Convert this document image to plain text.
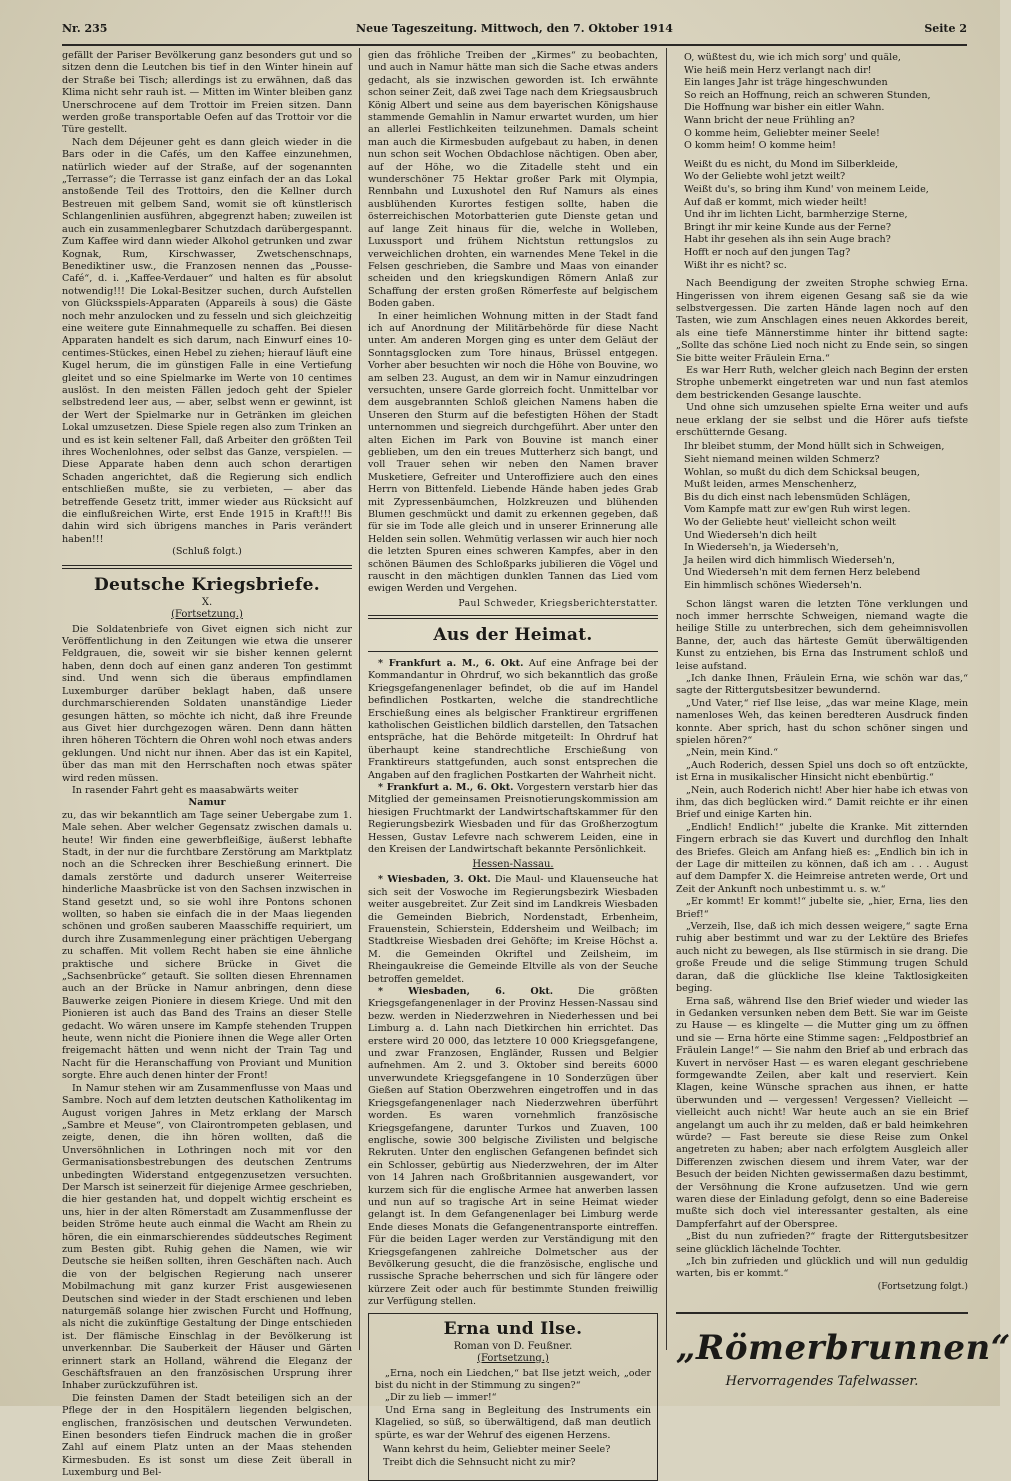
Nr. 235	Neue Tageszeitung. Mittwoch, den 7. Oktober 1914	Seite 2

gefällt der Pariser Bevölkerung ganz besonders gut und so sitzen denn die Leutchen bis tief in den Winter hinein auf der Straße bei Tisch; allerdings ist zu erwähnen, daß das Klima nicht sehr rauh ist. — Mitten im Winter bleiben ganz Unerschrocene auf dem Trottoir im Freien sitzen. Dann werden große transportable Oefen auf das Trottoir vor die Türe gestellt.

Nach dem Déjeuner geht es dann gleich wieder in die Bars oder in die Cafés, um den Kaffee einzunehmen, natürlich wieder auf der Straße, auf der sogenannten „Terrasse“; die Terrasse ist ganz einfach der an das Lokal anstoßende Teil des Trottoirs, den die Kellner durch Bestreuen mit gelbem Sand, womit sie oft künstlerisch Schlangenlinien ausführen, abgegrenzt haben; zuweilen ist auch ein zusammenlegbarer Schutzdach darübergespannt. Zum Kaffee wird dann wieder Alkohol getrunken und zwar Kognak, Rum, Kirschwasser, Zwetschenschnaps, Benediktiner usw., die Franzosen nennen das „Pousse-Café“, d. i. „Kaffee-Verdauer“ und halten es für absolut notwendig!!! Die Lokal-Besitzer suchen, durch Aufstellen von Glücksspiels-Apparaten (Appareils à sous) die Gäste noch mehr anzulocken und zu fesseln und sich gleichzeitig eine weitere gute Einnahmequelle zu schaffen. Bei diesen Apparaten handelt es sich darum, nach Einwurf eines 10-centimes-Stückes, einen Hebel zu ziehen; hierauf läuft eine Kugel herum, die im günstigen Falle in eine Vertiefung gleitet und so eine Spielmarke im Werte von 10 centimes auslöst. In den meisten Fällen jedoch geht der Spieler selbstredend leer aus, — aber, selbst wenn er gewinnt, ist der Wert der Spielmarke nur in Getränken im gleichen Lokal umzusetzen. Diese Spiele regen also zum Trinken an und es ist kein seltener Fall, daß Arbeiter den größten Teil ihres Wochenlohnes, oder selbst das Ganze, verspielen. — Diese Apparate haben denn auch schon derartigen Schaden angerichtet, daß die Regierung sich endlich entschließen mußte, sie zu verbieten, — aber das betreffende Gesetz tritt, immer wieder aus Rücksicht auf die einflußreichen Wirte, erst Ende 1915 in Kraft!!! Bis dahin wird sich übrigens manches in Paris verändert haben!!!

(Schluß folgt.)

Deutsche Kriegsbriefe.
X.
(Fortsetzung.)

Die Soldatenbriefe von Givet eignen sich nicht zur Veröffentlichung in den Zeitungen wie etwa die unserer Feldgrauen, die, soweit wir sie bisher kennen gelernt haben, denn doch auf einen ganz anderen Ton gestimmt sind. Und wenn sich die überaus empfindlamen Luxemburger darüber beklagt haben, daß unsere durchmarschierenden Soldaten unanständige Lieder gesungen hätten, so möchte ich nicht, daß ihre Freunde aus Givet hier durchgezogen wären. Denn dann hätten ihren höheren Töchtern die Ohren wohl noch etwas anders geklungen. Und nicht nur ihnen. Aber das ist ein Kapitel, über das man mit den Herrschaften noch etwas später wird reden müssen.

In rasender Fahrt geht es maasabwärts weiter

Namur

zu, das wir bekanntlich am Tage seiner Uebergabe zum 1. Male sehen. Aber welcher Gegensatz zwischen damals u. heute! Wir finden eine gewerbfleißige, äußerst lebhafte Stadt, in der nur die furchtbare Zerstörung am Marktplatz noch an die Schrecken ihrer Beschießung erinnert. Die damals zerstörte und dadurch unserer Weiterreise hinderliche Maasbrücke ist von den Sachsen inzwischen in Stand gesetzt und, so sie wohl ihre Pontons schonen wollten, so haben sie einfach die in der Maas liegenden schönen und großen sauberen Maasschiffe requiriert, um durch ihre Zusammenlegung einer prächtigen Uebergang zu schaffen. Mit vollem Recht haben sie eine ähnliche praktische und sichere Brücke in Givet die „Sachsenbrücke“ getauft. Sie sollten diesen Ehrennamen auch an der Brücke in Namur anbringen, denn diese Bauwerke zeigen Pioniere in diesem Kriege. Und mit den Pionieren ist auch das Band des Trains an dieser Stelle gedacht. Wo wären unsere im Kampfe stehenden Truppen heute, wenn nicht die Pioniere ihnen die Wege aller Orten freigemacht hätten und wenn nicht der Train Tag und Nacht für die Heranschaffung von Proviant und Munition sorgte. Ehre auch denen hinter der Front!

In Namur stehen wir am Zusammenflusse von Maas und Sambre. Noch auf dem letzten deutschen Katholikentag im August vorigen Jahres in Metz erklang der Marsch „Sambre et Meuse“, von Clairontrompeten geblasen, und zeigte, denen, die ihn hören wollten, daß die Unversöhnlichen in Lothringen noch mit vor den Germanisationsbestrebungen des deutschen Zentrums unbedingten Widerstand entgegenzusetzen versuchten. Der Marsch ist seinerzeit für diejenige Armee geschrieben, die hier gestanden hat, und doppelt wichtig erscheint es uns, hier in der alten Römerstadt am Zusammenflusse der beiden Ströme heute auch einmal die Wacht am Rhein zu hören, die ein einmarschierendes süddeutsches Regiment zum Besten gibt. Ruhig gehen die Namen, wie wir Deutsche sie heißen sollten, ihren Geschäften nach. Auch die von der belgischen Regierung nach unserer Mobilmachung mit ganz kurzer Frist ausgewiesenen Deutschen sind wieder in der Stadt erschienen und leben naturgemäß solange hier zwischen Furcht und Hoffnung, als nicht die zukünftige Gestaltung der Dinge entschieden ist. Der flämische Einschlag in der Bevölkerung ist unverkennbar. Die Sauberkeit der Häuser und Gärten erinnert stark an Holland, während die Eleganz der Geschäftsfrauen an den französischen Ursprung ihrer Inhaber zurückzuführen ist.

Die feinsten Damen der Stadt beteiligen sich an der Pflege der in den Hospitälern liegenden belgischen, englischen, französischen und deutschen Verwundeten. Einen besonders tiefen Eindruck machen die in großer Zahl auf einem Platz unten an der Maas stehenden Kirmesbuden. Es ist sonst um diese Zeit überall in Luxemburg und Bel-

gien das fröhliche Treiben der „Kirmes“ zu beobachten, und auch in Namur hätte man sich die Sache etwas anders gedacht, als sie inzwischen geworden ist. Ich erwähnte schon seiner Zeit, daß zwei Tage nach dem Kriegsausbruch König Albert und seine aus dem bayerischen Königshause stammende Gemahlin in Namur erwartet wurden, um hier an allerlei Festlichkeiten teilzunehmen. Damals scheint man auch die Kirmesbuden aufgebaut zu haben, in denen nun schon seit Wochen Obdachlose nächtigen. Oben aber, auf der Höhe, wo die Zitadelle steht und ein wunderschöner 75 Hektar großer Park mit Olympia, Rennbahn und Luxushotel den Ruf Namurs als eines ausblühenden Kurortes festigen sollte, haben die österreichischen Motorbatterien gute Dienste getan und auf lange Zeit hinaus für die, welche in Wolleben, Luxussport und frühem Nichtstun rettungslos zu verweichlichen drohten, ein warnendes Mene Tekel in die Felsen geschrieben, die Sambre und Maas von einander scheiden und den kriegskundigen Römern Anlaß zur Schaffung der ersten großen Römerfeste auf belgischem Boden gaben.

In einer heimlichen Wohnung mitten in der Stadt fand ich auf Anordnung der Militärbehörde für diese Nacht unter. Am anderen Morgen ging es unter dem Geläut der Sonntagsglocken zum Tore hinaus, Brüssel entgegen. Vorher aber besuchten wir noch die Höhe von Bouvine, wo am selben 23. August, an dem wir in Namur einzudringen versuchten, unsere Garde glorreich focht. Unmittelbar vor dem ausgebrannten Schloß gleichen Namens haben die Unseren den Sturm auf die befestigten Höhen der Stadt unternommen und siegreich durchgeführt. Aber unter den alten Eichen im Park von Bouvine ist manch einer geblieben, um den ein treues Mutterherz sich bangt, und voll Trauer sehen wir neben den Namen braver Musketiere, Gefreiter und Unteroffiziere auch den eines Herrn von Bittenfeld. Liebende Hände haben jedes Grab mit Zypressenbäumchen, Holzkreuzen und blühenden Blumen geschmückt und damit zu erkennen gegeben, daß für sie im Tode alle gleich und in unserer Erinnerung alle Helden sein sollen. Wehmütig verlassen wir auch hier noch die letzten Spuren eines schweren Kampfes, aber in den schönen Bäumen des Schloßparks jubilieren die Vögel und rauscht in den mächtigen dunklen Tannen das Lied vom ewigen Werden und Vergehen.

Paul Schweder, Kriegsberichterstatter.
Aus der Heimat.

* Frankfurt a. M., 6. Okt. Auf eine Anfrage bei der Kommandantur in Ohrdruf, wo sich bekanntlich das große Kriegsgefangenenlager befindet, ob die auf im Handel befindlichen Postkarten, welche die standrechtliche Erschießung eines als belgischer Franktireur ergriffenen katholischen Geistlichen bildlich darstellen, den Tatsachen entspräche, hat die Behörde mitgeteilt: In Ohrdruf hat überhaupt keine standrechtliche Erschießung von Franktireurs stattgefunden, auch sonst entsprechen die Angaben auf den fraglichen Postkarten der Wahrheit nicht.

* Frankfurt a. M., 6. Okt. Vorgestern verstarb hier das Mitglied der gemeinsamen Preisnotierungskommission am hiesigen Fruchtmarkt der Landwirtschaftskammer für den Regierungsbezirk Wiesbaden und für das Großherzogtum Hessen, Gustav Lefevre nach schwerem Leiden, eine in den Kreisen der Landwirtschaft bekannte Persönlichkeit.

Hessen-Nassau.

* Wiesbaden, 3. Okt. Die Maul- und Klauenseuche hat sich seit der Voswoche im Regierungsbezirk Wiesbaden weiter ausgebreitet. Zur Zeit sind im Landkreis Wiesbaden die Gemeinden Biebrich, Nordenstadt, Erbenheim, Frauenstein, Schierstein, Eddersheim und Weilbach; im Stadtkreise Wiesbaden drei Gehöfte; im Kreise Höchst a. M. die Gemeinden Okriftel und Zeilsheim, im Rheingaukreise die Gemeinde Eltville als von der Seuche betroffen gemeldet.

* Wiesbaden, 6. Okt.	Die größten Kriegsgefangenenlager in der Provinz Hessen-Nassau sind bezw. werden in Niederzwehren in Niederhessen und bei Limburg a. d. Lahn nach Dietkirchen hin errichtet. Das erstere wird 20 000, das letztere 10 000 Kriegsgefangene, und zwar Franzosen, Engländer, Russen und Belgier aufnehmen. Am 2. und 3. Oktober sind bereits 6000 unverwundete Kriegsgefangene in 10 Sonderzügen über Gießen auf Station Oberzwehren eingetroffen und in das Kriegsgefangenenlager nach Niederzwehren überführt worden. Es waren vornehmlich französische Kriegsgefangene, darunter Turkos und Zuaven, 100 englische, sowie 300 belgische Zivilisten und belgische Rekruten. Unter den englischen Gefangenen befindet sich ein Schlosser, gebürtig aus Niederzwehren, der im Alter von 14 Jahren nach Großbritannien ausgewandert, vor kurzem sich für die englische Armee hat anwerben lassen und nun auf so tragische Art in seine Heimat wieder gelangt ist. In dem Gefangenenlager bei Limburg werde Ende dieses Monats die Gefangenentransporte eintreffen. Für die beiden Lager werden zur Verständigung mit den Kriegsgefangenen zahlreiche Dolmetscher aus der Bevölkerung gesucht, die die französische, englische und russische Sprache beherrschen und sich für längere oder kürzere Zeit oder auch für bestimmte Stunden freiwillig zur Verfügung stellen.

Erna und Ilse.
Roman von D. Feußner.
(Fortsetzung.)

„Erna, noch ein Liedchen,“ bat Ilse jetzt weich, „oder bist du nicht in der Stimmung zu singen?“

„Dir zu lieb — immer!“

Und Erna sang in Begleitung des Instruments ein Klagelied, so süß, so überwältigend, daß man deutlich spürte, es war der Wehruf des eigenen Herzens.

Wann kehrst du heim, Geliebter meiner Seele?

Treibt dich die Sehnsucht nicht zu mir?

O, wüßtest du, wie ich mich sorg' und quäle,

Wie heiß mein Herz verlangt nach dir!

Ein langes Jahr ist träge hingeschwunden

So reich an Hoffnung, reich an schweren Stunden,

Die Hoffnung war bisher ein eitler Wahn.

Wann bricht der neue Frühling an?

O komme heim, Geliebter meiner Seele!

O komm heim! O komme heim!

Weißt du es nicht, du Mond im Silberkleide,

Wo der Geliebte wohl jetzt weilt?

Weißt du's, so bring ihm Kund' von meinem Leide,

Auf daß er kommt, mich wieder heilt!

Und ihr im lichten Licht, barmherzige Sterne,

Bringt ihr mir keine Kunde aus der Ferne?

Habt ihr gesehen als ihn sein Auge brach?

Hofft er noch auf den jungen Tag?

Wißt ihr es nicht? sc.

Nach Beendigung der zweiten Strophe schwieg Erna. Hingerissen von ihrem eigenen Gesang saß sie da wie selbstvergessen. Die zarten Hände lagen noch auf den Tasten, wie zum Anschlagen eines neuen Akkordes bereit, als eine tiefe Männerstimme hinter ihr bittend sagte: „Sollte das schöne Lied noch nicht zu Ende sein, so singen Sie bitte weiter Fräulein Erna.“

Es war Herr Ruth, welcher gleich nach Beginn der ersten Strophe unbemerkt eingetreten war und nun fast atemlos dem bestrickenden Gesange lauschte.

Und ohne sich umzusehen spielte Erna weiter und aufs neue erklang der sie selbst und die Hörer aufs tiefste erschütternde Gesang.

Ihr bleibet stumm, der Mond hüllt sich in Schweigen,

Sieht niemand meinen wilden Schmerz?

Wohlan, so mußt du dich dem Schicksal beugen,

Mußt leiden, armes Menschenherz,

Bis du dich einst nach lebensmüden Schlägen,

Vom Kampfe matt zur ew'gen Ruh wirst legen.

Wo der Geliebte heut' vielleicht schon weilt

Und Wiederseh'n dich heilt

In Wiederseh'n, ja Wiederseh'n,

Ja heilen wird dich himmlisch Wiederseh'n,

Und Wiederseh'n mit dem fernen Herz belebend

Ein himmlisch schönes Wiederseh'n.

Schon längst waren die letzten Töne verklungen und noch immer herrschte Schweigen, niemand wagte die heilige Stille zu unterbrechen, sich dem geheimnisvollen Banne, der, auch das härteste Gemüt überwältigenden Kunst zu entziehen, bis Erna das Instrument schloß und leise aufstand.

„Ich danke Ihnen, Fräulein Erna, wie schön war das,“ sagte der Rittergutsbesitzer bewundernd.

„Und Vater,“ rief Ilse leise, „das war meine Klage, mein namenloses Weh, das keinen beredteren Ausdruck finden konnte. Aber sprich, hast du schon schöner singen und spielen hören?“

„Nein, mein Kind.“

„Auch Roderich, dessen Spiel uns doch so oft entzückte, ist Erna in musikalischer Hinsicht nicht ebenbürtig.“

„Nein, auch Roderich nicht! Aber hier habe ich etwas von ihm, das dich beglücken wird.“ Damit reichte er ihr einen Brief und einige Karten hin.

„Endlich! Endlich!“ jubelte die Kranke. Mit zitternden Fingern erbrach sie das Kuvert und durchflog den Inhalt des Briefes. Gleich am Anfang hieß es: „Endlich bin ich in der Lage dir mitteilen zu können, daß ich am . . . August auf dem Dampfer X. die Heimreise antreten werde, Ort und Zeit der Ankunft noch unbestimmt u. s. w.“

„Er kommt! Er kommt!“ jubelte sie, „hier, Erna, lies den Brief!“

„Verzeih, Ilse, daß ich mich dessen weigere,“ sagte Erna ruhig aber bestimmt und war zu der Lektüre des Briefes auch nicht zu bewegen, als Ilse stürmisch in sie drang. Die große Freude und die selige Stimmung trugen Schuld daran, daß die glückliche Ilse kleine Taktlosigkeiten beging.

Erna saß, während Ilse den Brief wieder und wieder las in Gedanken versunken neben dem Bett. Sie war im Geiste zu Hause — es klingelte — die Mutter ging um zu öffnen und sie — Erna hörte eine Stimme sagen: „Feldpostbrief an Fräulein Lange!“ — Sie nahm den Brief ab und erbrach das Kuvert in nervöser Hast — es waren elegant geschriebene formgewandte Zeilen, aber kalt und reserviert. Kein Klagen, keine Wünsche sprachen aus ihnen, er hatte überwunden und — vergessen! Vergessen? Vielleicht — vielleicht auch nicht! War heute auch an sie ein Brief angelangt um auch ihr zu melden, daß er bald heimkehren würde? — Fast bereute sie diese Reise zum Onkel angetreten zu haben; aber nach erfolgtem Ausgleich aller Differenzen zwischen diesem und ihrem Vater, war der Besuch der beiden Nichten gewissermaßen dazu bestimmt, der Versöhnung die Krone aufzusetzen. Und wie gern waren diese der Einladung gefolgt, denn so eine Badereise mußte sich doch viel interessanter gestalten, als eine Dampferfahrt auf der Oberspree.

„Bist du nun zufrieden?“ fragte der Rittergutsbesitzer seine glücklich lächelnde Tochter.

„Ich bin zufrieden und glücklich und will nun geduldig warten, bis er kommt.“

(Fortsetzung folgt.)

„Römerbrunnen“
Hervorragendes Tafelwasser.
